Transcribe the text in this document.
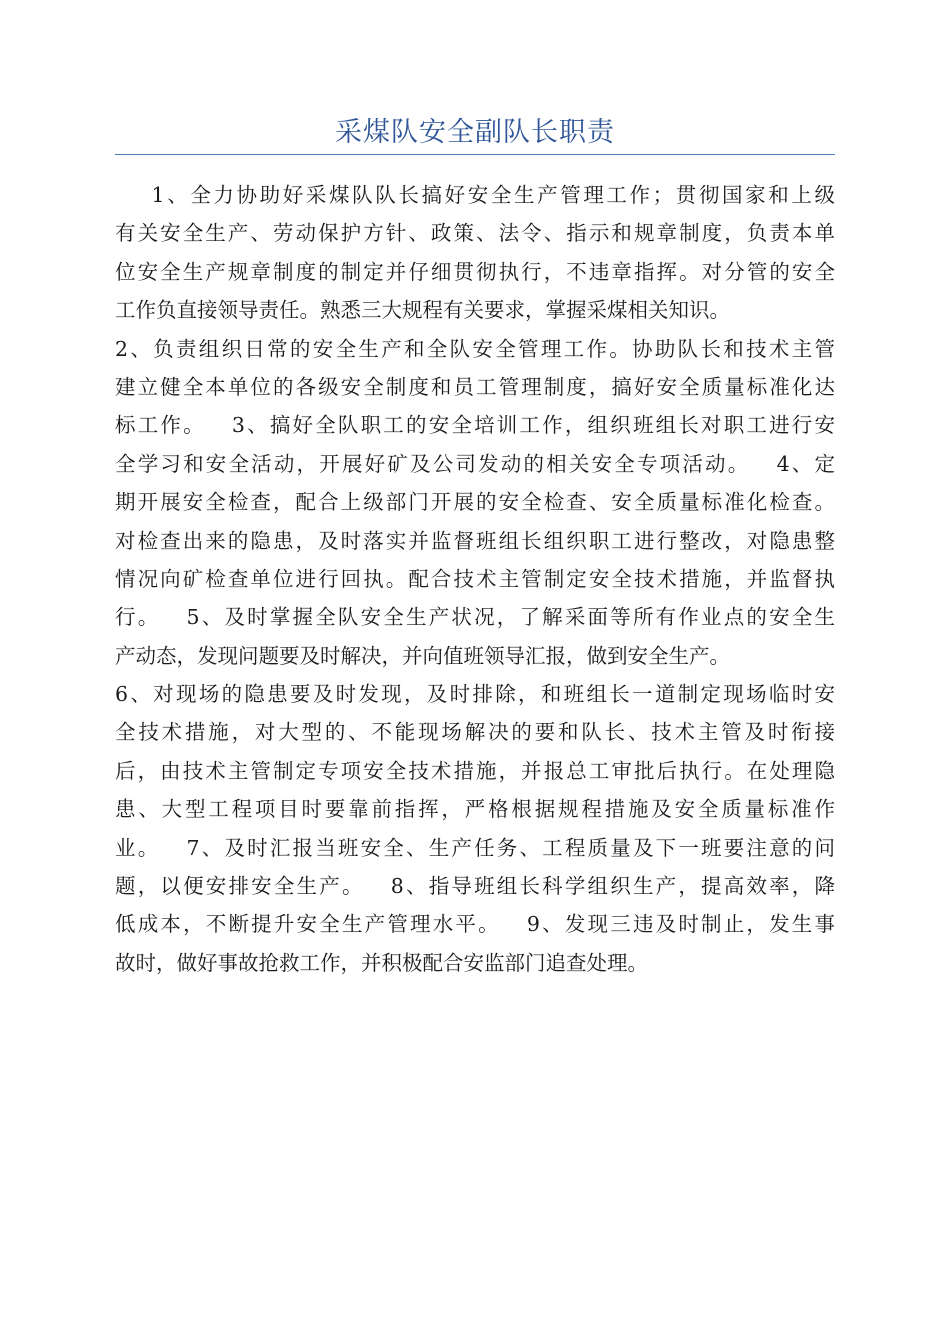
采煤队安全副队长职责
1、全力协助好采煤队队长搞好安全生产管理工作；贯彻国家和上级
有关安全生产、劳动保护方针、政策、法令、指示和规章制度，负责本单
位安全生产规章制度的制定并仔细贯彻执行，不违章指挥。对分管的安全
工作负直接领导责任。熟悉三大规程有关要求，掌握采煤相关知识。
2、负责组织日常的安全生产和全队安全管理工作。协助队长和技术主管
建立健全本单位的各级安全制度和员工管理制度，搞好安全质量标准化达
标工作。   3、搞好全队职工的安全培训工作，组织班组长对职工进行安
全学习和安全活动，开展好矿及公司发动的相关安全专项活动。   4、定
期开展安全检查，配合上级部门开展的安全检查、安全质量标准化检查。
对检查出来的隐患，及时落实并监督班组长组织职工进行整改，对隐患整
情况向矿检查单位进行回执。配合技术主管制定安全技术措施，并监督执
行。   5、及时掌握全队安全生产状况，了解采面等所有作业点的安全生
产动态，发现问题要及时解决，并向值班领导汇报，做到安全生产。
6、对现场的隐患要及时发现，及时排除，和班组长一道制定现场临时安
全技术措施，对大型的、不能现场解决的要和队长、技术主管及时衔接
后，由技术主管制定专项安全技术措施，并报总工审批后执行。在处理隐
患、大型工程项目时要靠前指挥，严格根据规程措施及安全质量标准作
业。   7、及时汇报当班安全、生产任务、工程质量及下一班要注意的问
题，以便安排安全生产。   8、指导班组长科学组织生产，提高效率，降
低成本，不断提升安全生产管理水平。   9、发现三违及时制止，发生事
故时，做好事故抢救工作，并积极配合安监部门追查处理。
